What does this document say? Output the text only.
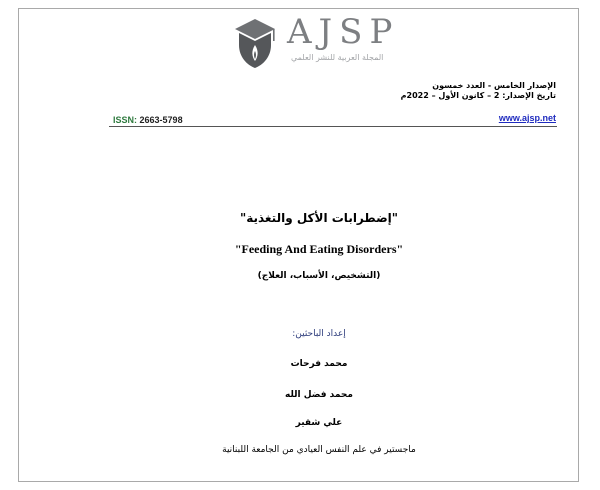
AJSP
المجلة العربية للنشر العلمي
الإصدار الخامس - العدد خمسون
تاريخ الإصدار: 2 – كانون الأول – 2022م
www.ajsp.net
ISSN: 2663-5798
"إضطرابات الأكل والتغذية"
"Feeding And Eating Disorders"
(التشخيص، الأسباب، العلاج)
إعداد الباحثين:
محمد فرحات
محمد فضل الله
علي شقير
ماجستير في علم النفس العيادي من الجامعة اللبنانية
